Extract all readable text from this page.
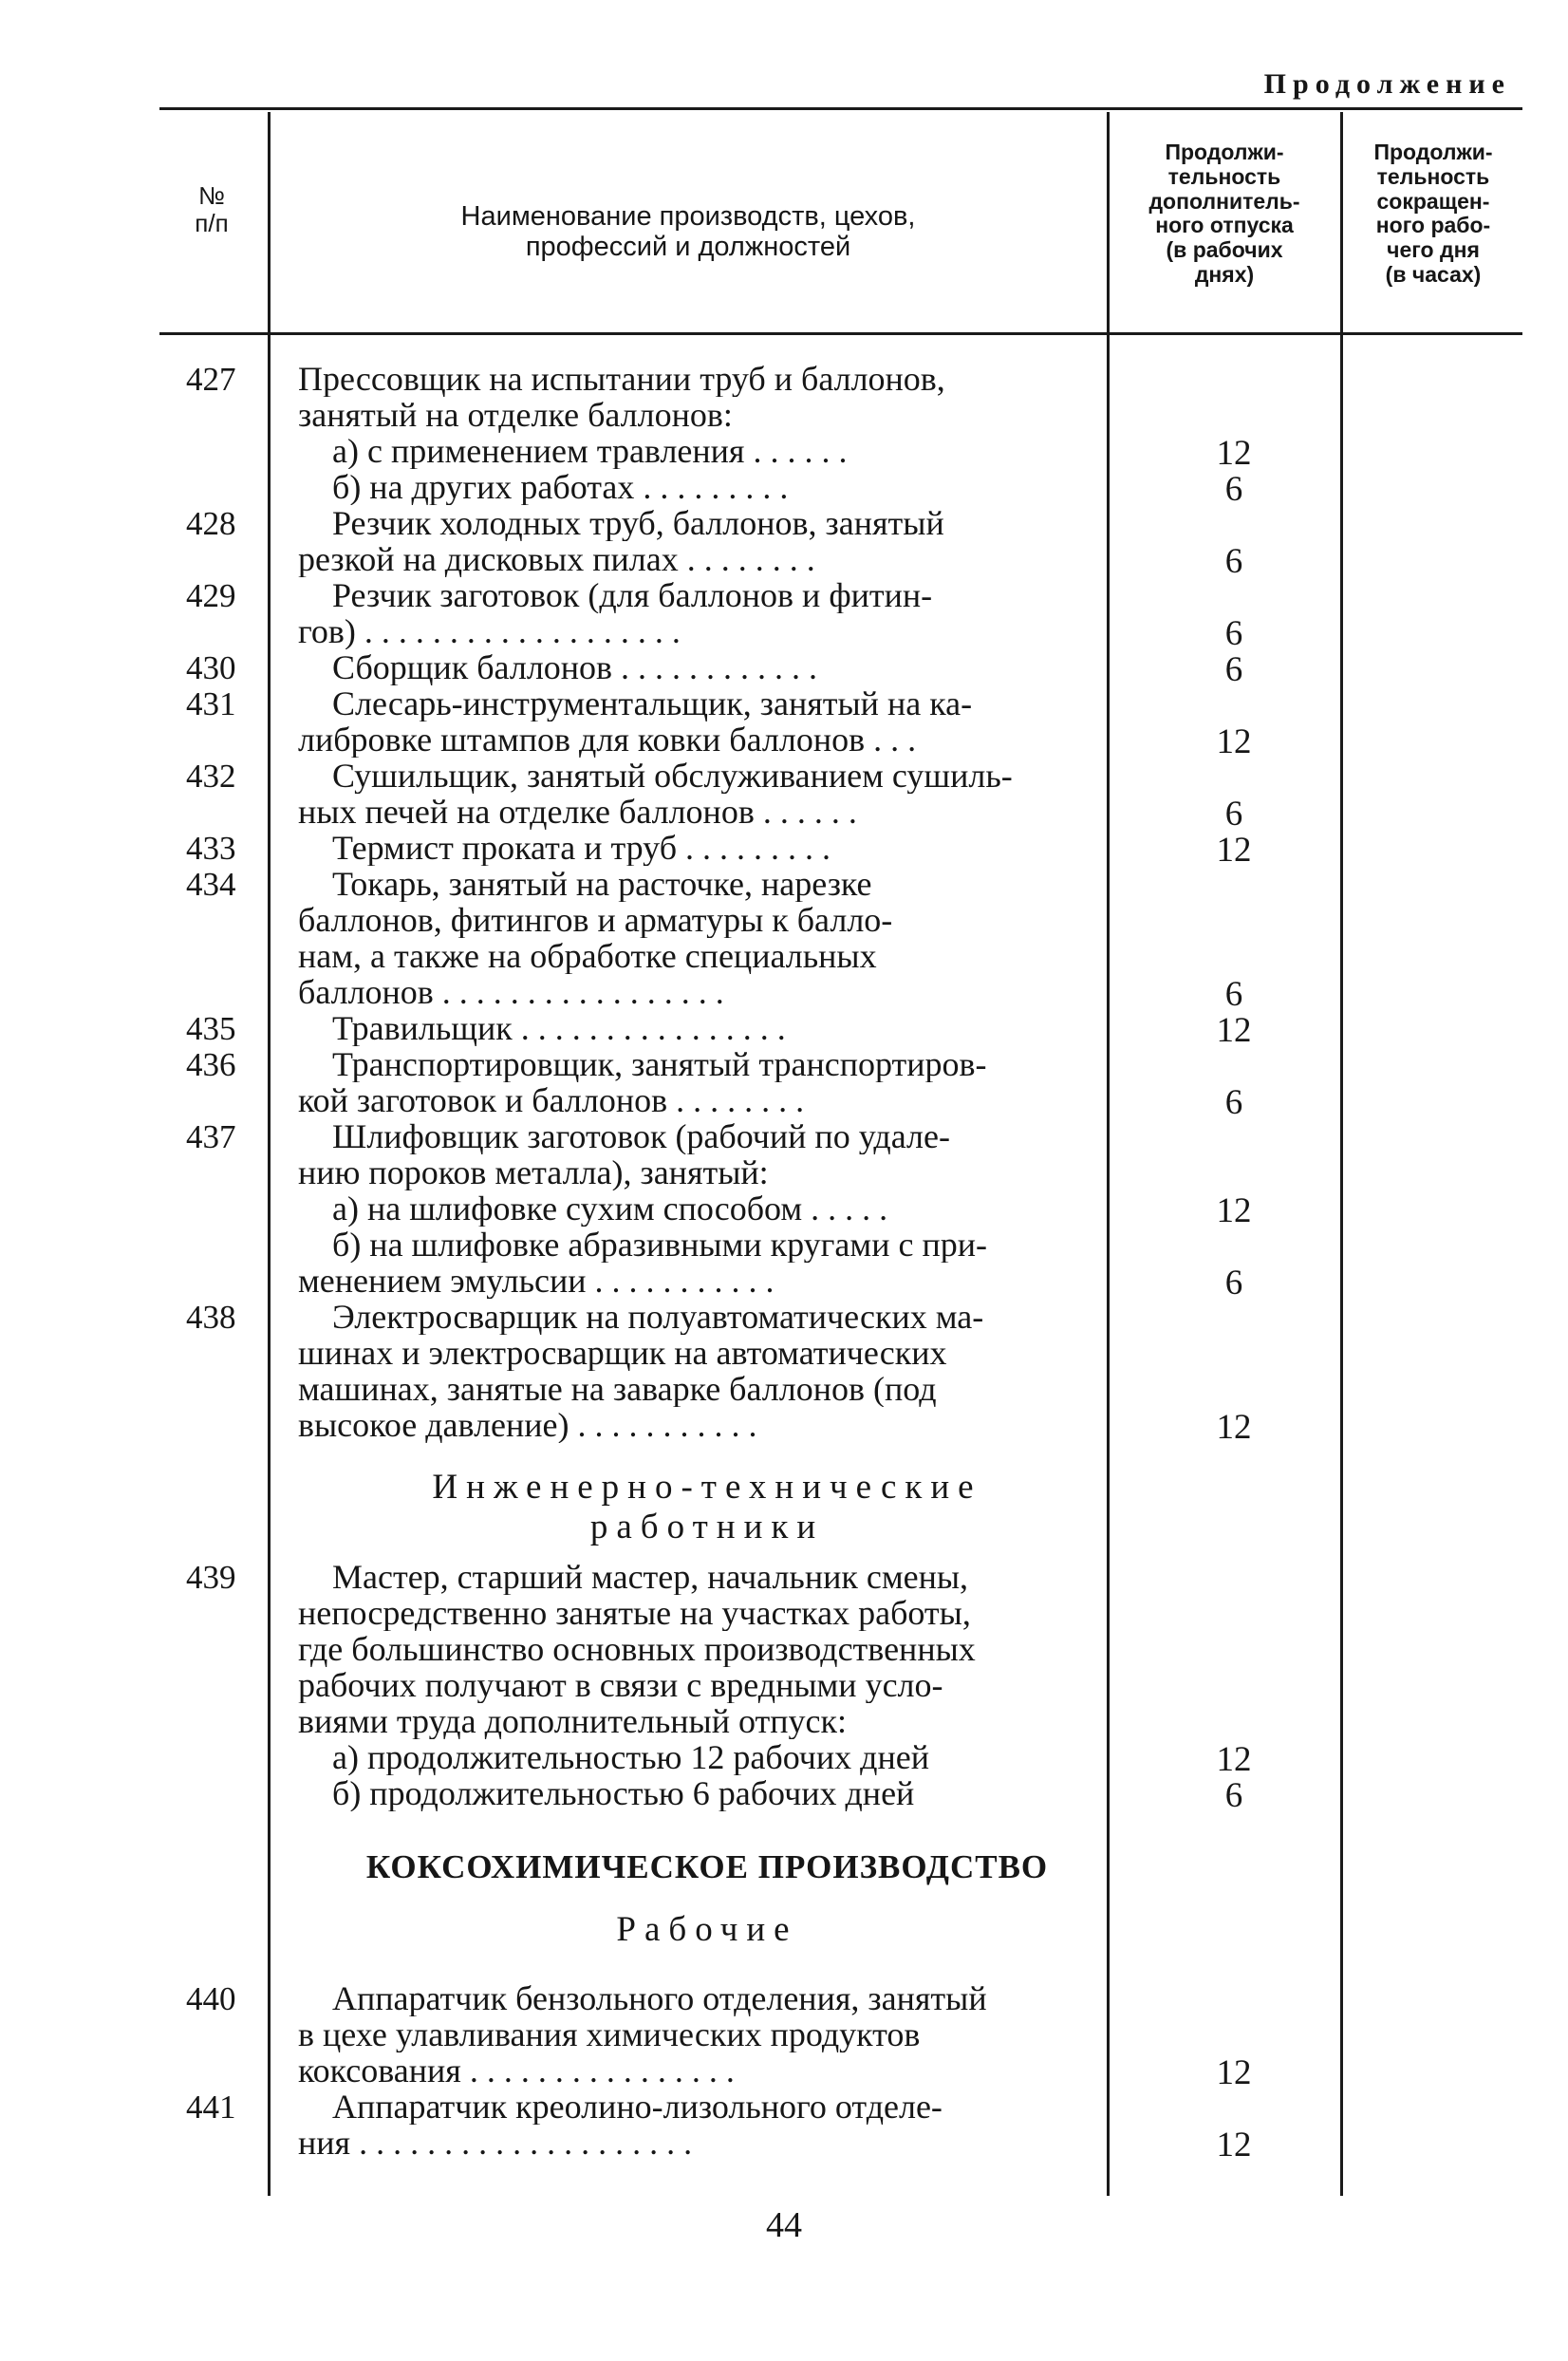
Продолжение
№
п/п	Наименование производств, цехов,
профессий и должностей
Продолжи-
тельность
дополнитель-
ного отпуска
(в рабочих
днях)
Продолжи-
тельность
сокращен-
ного рабо-
чего дня
(в часах)
427	Прессовщик на испытании труб и баллонов,
занятый на отделке баллонов:
а) с применением травления . . . . . .	12
б) на других работах . . . . . . . . .	6
428	Резчик холодных труб, баллонов, занятый
резкой на дисковых пилах . . . . . . . .	6
429	Резчик заготовок (для баллонов и фитин-
гов) . . . . . . . . . . . . . . . . . . .	6
430	Сборщик баллонов . . . . . . . . . . . .	6
431	Слесарь-инструментальщик, занятый на ка-
либровке штампов для ковки баллонов . . .	12
432	Сушильщик, занятый обслуживанием сушиль-
ных печей на отделке баллонов . . . . . .	6
433	Термист проката и труб . . . . . . . . .	12
434	Токарь, занятый на расточке, нарезке
баллонов, фитингов и арматуры к балло-
нам, а также на обработке специальных
баллонов . . . . . . . . . . . . . . . . .	6
435	Травильщик . . . . . . . . . . . . . . . .	12
436	Транспортировщик, занятый транспортиров-
кой заготовок и баллонов . . . . . . . .	6
437	Шлифовщик заготовок (рабочий по удале-
нию пороков металла), занятый:
а) на шлифовке сухим способом . . . . .	12
б) на шлифовке абразивными кругами с при-
менением эмульсии . . . . . . . . . . .	6
438	Электросварщик на полуавтоматических ма-
шинах и электросварщик на автоматических
машинах, занятые на заварке баллонов (под
высокое давление) . . . . . . . . . . .	12
Инженерно-технические
работники
439	Мастер, старший мастер, начальник смены,
непосредственно занятые на участках работы,
где большинство основных производственных
рабочих получают в связи с вредными усло-
виями труда дополнительный отпуск:
а) продолжительностью 12 рабочих дней	12
б) продолжительностью 6 рабочих дней	6
КОКСОХИМИЧЕСКОЕ ПРОИЗВОДСТВО
Рабочие
440	Аппаратчик бензольного отделения, занятый
в цехе улавливания химических продуктов
коксования . . . . . . . . . . . . . . . .	12
441	Аппаратчик креолино-лизольного отделе-
ния . . . . . . . . . . . . . . . . . . . .	12
44
